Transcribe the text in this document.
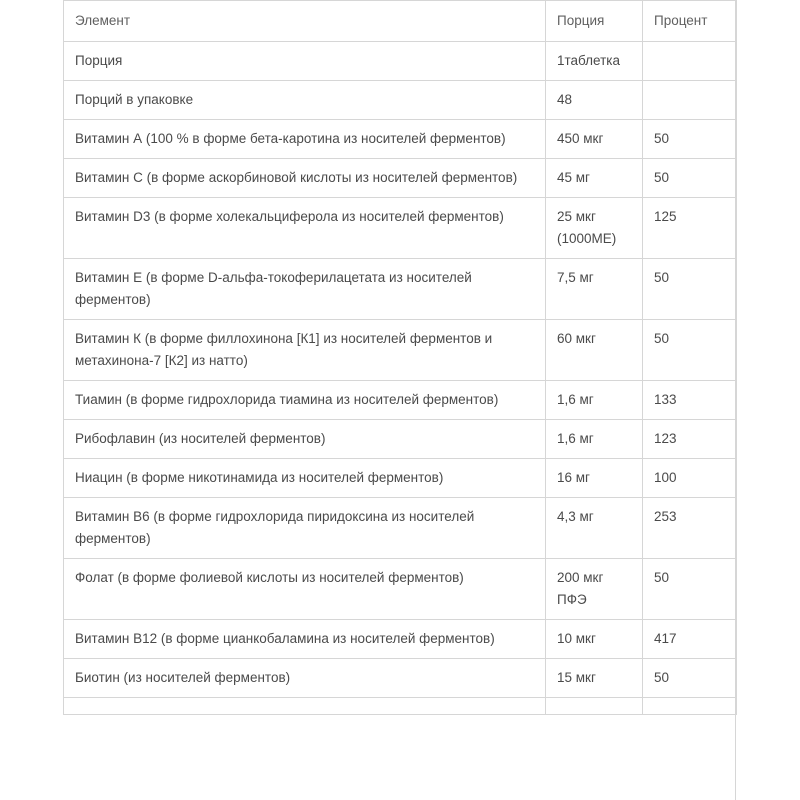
Элемент	Порция	Процент
Порция	1таблетка	
Порций в упаковке	48	
Витамин А (100 % в форме бета-каротина из носителей ферментов)	450 мкг	50
Витамин С (в форме аскорбиновой кислоты из носителей ферментов)	45 мг	50
Витамин D3 (в форме холекальциферола из носителей ферментов)	25 мкг (1000МЕ)	125
Витамин Е (в форме D-альфа-токоферилацетата из носителей ферментов)	7,5 мг	50
Витамин К (в форме филлохинона [К1] из носителей ферментов и метахинона-7 [К2] из натто)	60 мкг	50
Тиамин (в форме гидрохлорида тиамина из носителей ферментов)	1,6 мг	133
Рибофлавин (из носителей ферментов)	1,6 мг	123
Ниацин (в форме никотинамида из носителей ферментов)	16 мг	100
Витамин В6 (в форме гидрохлорида пиридоксина из носителей ферментов)	4,3 мг	253
Фолат (в форме фолиевой кислоты из носителей ферментов)	200 мкг ПФЭ	50
Витамин В12 (в форме цианкобаламина из носителей ферментов)	10 мкг	417
Биотин (из носителей ферментов)	15 мкг	50
